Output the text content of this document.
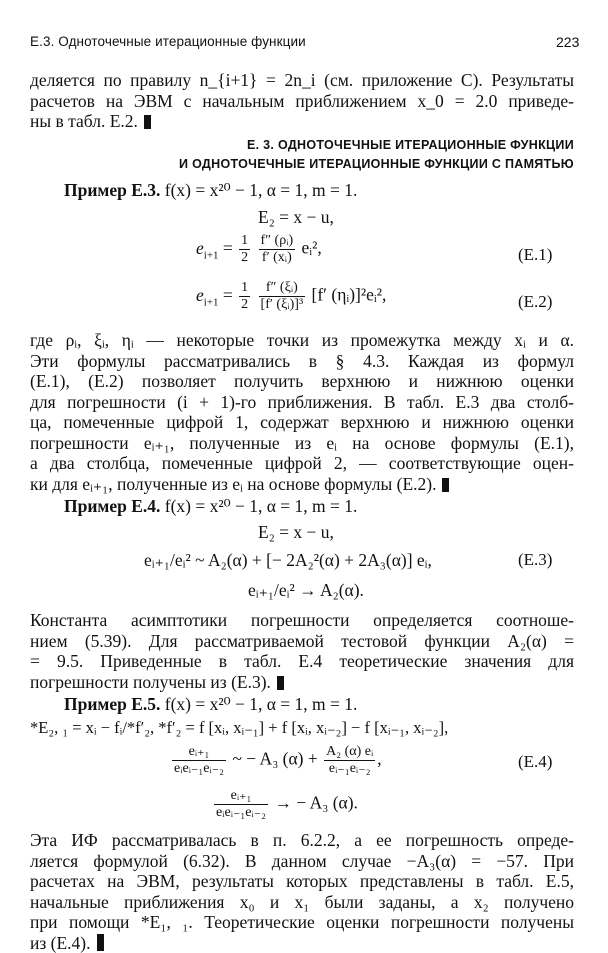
Е.3. Одноточечные итерационные функции	223
деляется по правилу n_{i+1} = 2n_i (см. приложение С). Результаты
расчетов на ЭВМ с начальным приближением x_0 = 2.0 приведе-
ны в табл. Е.2.
Е. 3. ОДНОТОЧЕЧНЫЕ ИТЕРАЦИОННЫЕ ФУНКЦИИ
И ОДНОТОЧЕЧНЫЕ ИТЕРАЦИОННЫЕ ФУНКЦИИ С ПАМЯТЬЮ
Пример Е.3. f(x) = x²⁰ − 1, α = 1, m = 1.
E₂ = x − u,
$e_{i+1} = \frac{1}{2}$
$\frac{\text{f″ (ρᵢ)}}{\text{f′ (xᵢ)}}$ eᵢ²,	(Е.1)
$e_{i+1} = \frac{1}{2}$
$\frac{\text{f″ (ξᵢ)}}{\text{[f′ (ξᵢ)]³}} [f'$ (ηᵢ)]²eᵢ²,	(Е.2)
где ρᵢ, ξᵢ, ηᵢ — некоторые точки из промежутка между xᵢ и α.
Эти формулы рассматривались в § 4.3. Каждая из формул
(Е.1), (Е.2) позволяет получить верхнюю и нижнюю оценки
для погрешности (i + 1)-го приближения. В табл. Е.3 два столб-
ца, помеченные цифрой 1, содержат верхнюю и нижнюю оценки
погрешности eᵢ₊₁, полученные из eᵢ на основе формулы (Е.1),
а два столбца, помеченные цифрой 2, — соответствующие оцен-
ки для eᵢ₊₁, полученные из eᵢ на основе формулы (Е.2).
Пример Е.4. f(x) = x²⁰ − 1, α = 1, m = 1.
E₂ = x − u,
eᵢ₊₁/eᵢ² ~ A₂(α) + [− 2A₂²(α) + 2A₃(α)] eᵢ,	(Е.3)
eᵢ₊₁/eᵢ² → A₂(α).
Константа асимптотики погрешности определяется соотноше-
нием (5.39). Для рассматриваемой тестовой функции A₂(α) =
= 9.5. Приведенные в табл. Е.4 теоретические значения для
погрешности получены из (Е.3).
Пример Е.5. f(x) = x²⁰ − 1, α = 1, m = 1.
*E₂, ₁ = xᵢ − fᵢ/*f′₂, *f′₂ = f [xᵢ, xᵢ₋₁] + f [xᵢ, xᵢ₋₂] − f [xᵢ₋₁, xᵢ₋₂],
$\frac{\text{eᵢ₊₁}}{\text{eᵢeᵢ₋₁eᵢ₋₂}}$ ~ − A₃ $(\alpha) + \frac{\text{A₂ (α) eᵢ}}{\text{eᵢ₋₁eᵢ₋₂}}$ ,	(Е.4)
$\frac{\text{eᵢ₊₁}}{\text{eᵢeᵢ₋₁eᵢ₋₂}}$ → − A₃ (α).
Эта ИФ рассматривалась в п. 6.2.2, а ее погрешность опреде-
ляется формулой (6.32). В данном случае −A₃(α) = −57. При
расчетах на ЭВМ, результаты которых представлены в табл. Е.5,
начальные приближения x₀ и x₁ были заданы, а x₂ получено
при помощи *E₁, ₁. Теоретические оценки погрешности получены
из (Е.4).
